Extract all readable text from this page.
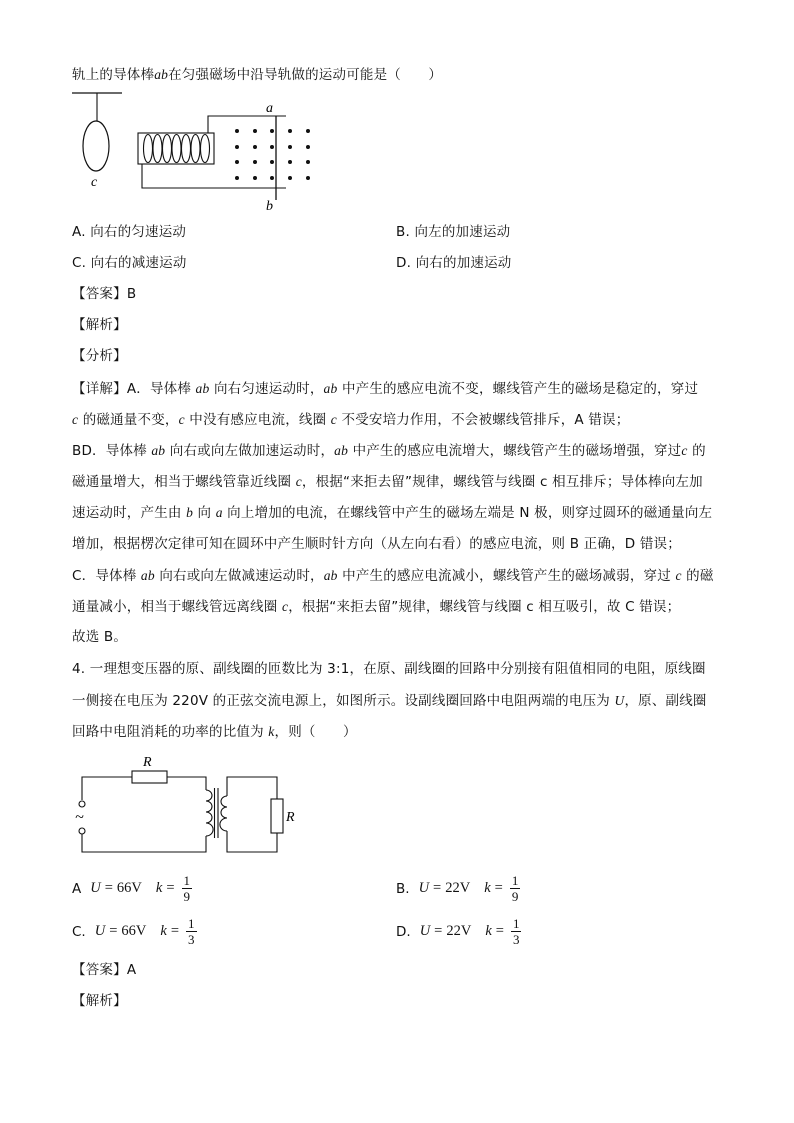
轨上的导体棒ab在匀强磁场中沿导轨做的运动可能是（　　）
c
a
b
A. 向右的匀速运动	B. 向左的加速运动
C. 向右的减速运动	D. 向右的加速运动
【答案】B
【解析】
【分析】
【详解】A．导体棒 ab 向右匀速运动时，ab 中产生的感应电流不变，螺线管产生的磁场是稳定的，穿过
c 的磁通量不变，c 中没有感应电流，线圈 c 不受安培力作用，不会被螺线管排斥，A 错误；
BD．导体棒 ab 向右或向左做加速运动时，ab 中产生的感应电流增大，螺线管产生的磁场增强，穿过c 的
磁通量增大，相当于螺线管靠近线圈 c，根据“来拒去留”规律，螺线管与线圈 c 相互排斥；导体棒向左加
速运动时，产生由 b 向 a 向上增加的电流，在螺线管中产生的磁场左端是 N 极，则穿过圆环的磁通量向左
增加，根据楞次定律可知在圆环中产生顺时针方向（从左向右看）的感应电流，则 B 正确，D 错误；
C．导体棒 ab 向右或向左做减速运动时，ab 中产生的感应电流减小，螺线管产生的磁场减弱，穿过 c 的磁
通量减小，相当于螺线管远离线圈 c，根据“来拒去留”规律，螺线管与线圈 c 相互吸引，故 C 错误；
故选 B。
4. 一理想变压器的原、副线圈的匝数比为 3:1，在原、副线圈的回路中分别接有阻值相同的电阻，原线圈
一侧接在电压为 220V 的正弦交流电源上，如图所示。设副线圈回路中电阻两端的电压为 U，原、副线圈
回路中电阻消耗的功率的比值为 k，则（　　）
R
~	R
A U = 66V $k = \frac{1}{9}$	B. U = 22V $k = \frac{1}{9}$
C. U = 66V $k = \frac{1}{3}$	D. U = 22V $k = \frac{1}{3}$
【答案】A
【解析】
